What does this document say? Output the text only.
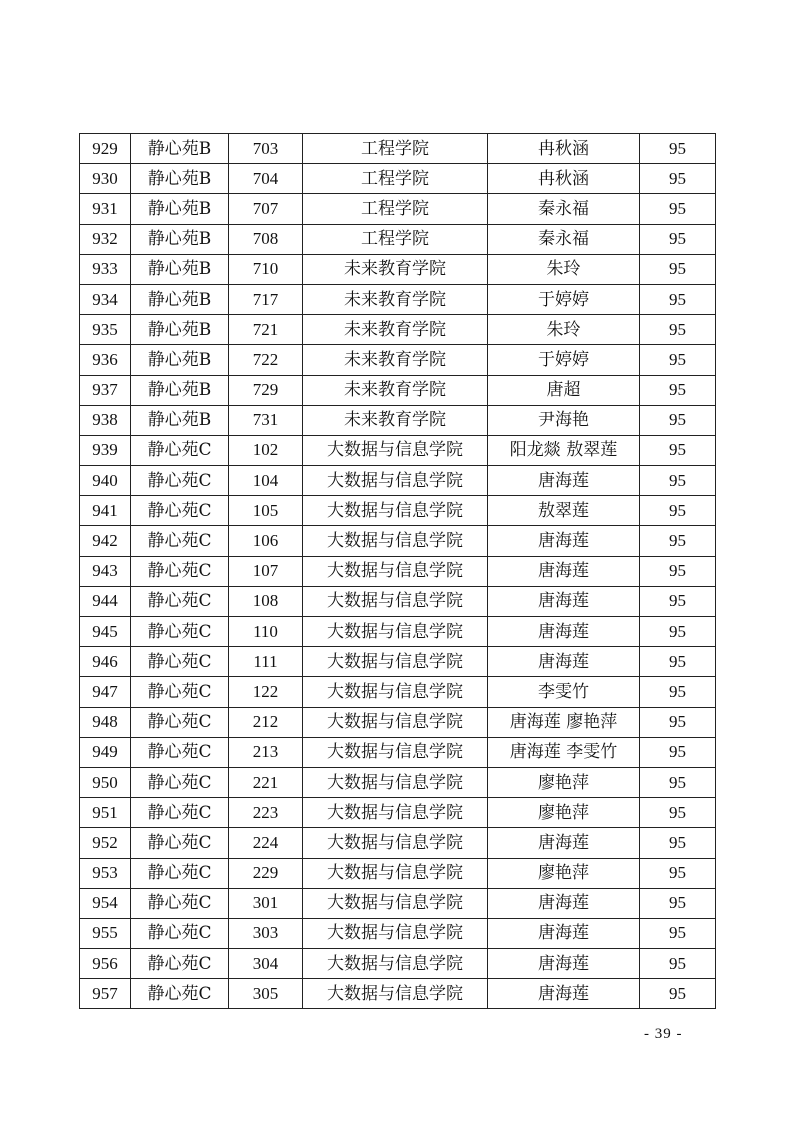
929	静心苑B	703	工程学院	冉秋涵	95
930	静心苑B	704	工程学院	冉秋涵	95
931	静心苑B	707	工程学院	秦永福	95
932	静心苑B	708	工程学院	秦永福	95
933	静心苑B	710	未来教育学院	朱玲	95
934	静心苑B	717	未来教育学院	于婷婷	95
935	静心苑B	721	未来教育学院	朱玲	95
936	静心苑B	722	未来教育学院	于婷婷	95
937	静心苑B	729	未来教育学院	唐超	95
938	静心苑B	731	未来教育学院	尹海艳	95
939	静心苑C	102	大数据与信息学院	阳龙燚 敖翠莲	95
940	静心苑C	104	大数据与信息学院	唐海莲	95
941	静心苑C	105	大数据与信息学院	敖翠莲	95
942	静心苑C	106	大数据与信息学院	唐海莲	95
943	静心苑C	107	大数据与信息学院	唐海莲	95
944	静心苑C	108	大数据与信息学院	唐海莲	95
945	静心苑C	110	大数据与信息学院	唐海莲	95
946	静心苑C	111	大数据与信息学院	唐海莲	95
947	静心苑C	122	大数据与信息学院	李雯竹	95
948	静心苑C	212	大数据与信息学院	唐海莲 廖艳萍	95
949	静心苑C	213	大数据与信息学院	唐海莲 李雯竹	95
950	静心苑C	221	大数据与信息学院	廖艳萍	95
951	静心苑C	223	大数据与信息学院	廖艳萍	95
952	静心苑C	224	大数据与信息学院	唐海莲	95
953	静心苑C	229	大数据与信息学院	廖艳萍	95
954	静心苑C	301	大数据与信息学院	唐海莲	95
955	静心苑C	303	大数据与信息学院	唐海莲	95
956	静心苑C	304	大数据与信息学院	唐海莲	95
957	静心苑C	305	大数据与信息学院	唐海莲	95
- 39 -
